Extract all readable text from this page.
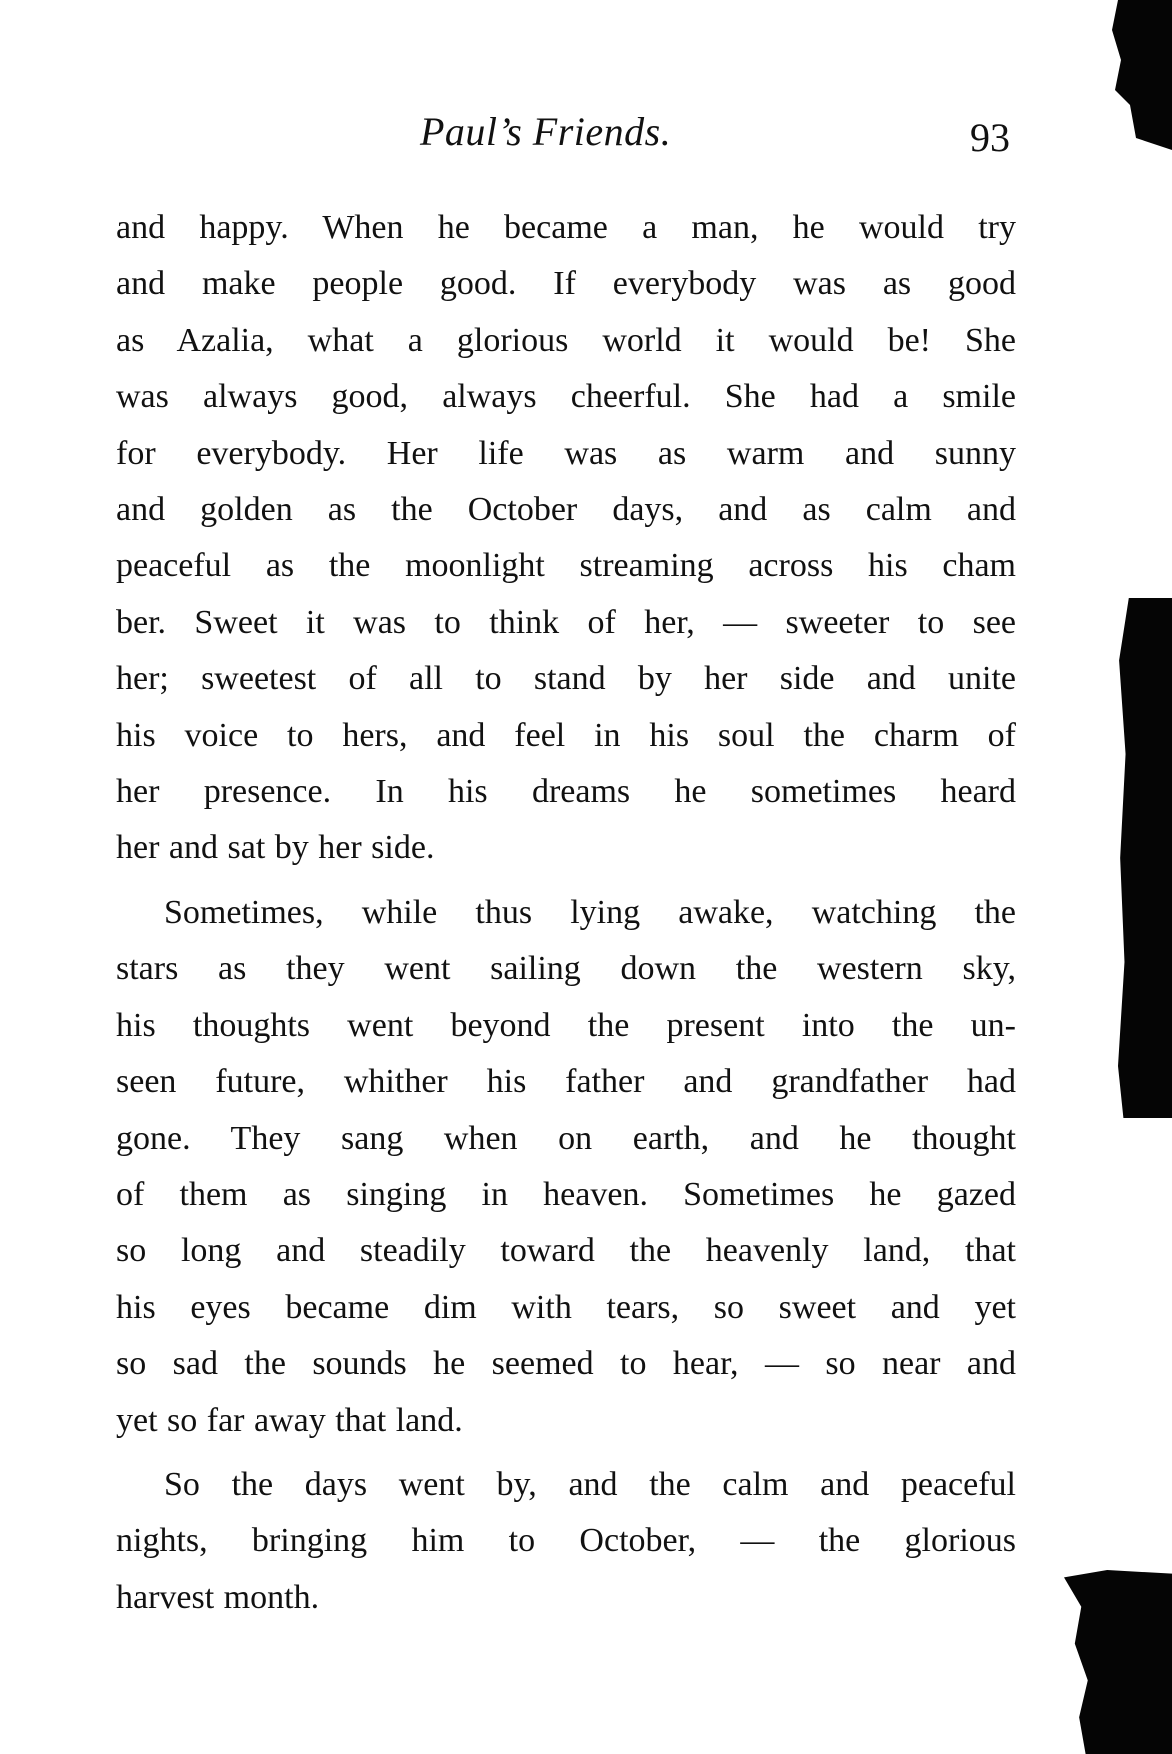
Paul’s Friends.	93

and happy. When he became a man, he would try

and make people good. If everybody was as good

as Azalia, what a glorious world it would be! She

was always good, always cheerful. She had a smile

for everybody. Her life was as warm and sunny

and golden as the October days, and as calm and

peaceful as the moonlight streaming across his cham

ber. Sweet it was to think of her, — sweeter to see

her; sweetest of all to stand by her side and unite

his voice to hers, and feel in his soul the charm of

her presence. In his dreams he sometimes heard

her and sat by her side.

Sometimes, while thus lying awake, watching the

stars as they went sailing down the western sky,

his thoughts went beyond the present into the un-

seen future, whither his father and grandfather had

gone. They sang when on earth, and he thought

of them as singing in heaven. Sometimes he gazed

so long and steadily toward the heavenly land, that

his eyes became dim with tears, so sweet and yet

so sad the sounds he seemed to hear, — so near and

yet so far away that land.

So the days went by, and the calm and peaceful

nights, bringing him to October, — the glorious

harvest month.
